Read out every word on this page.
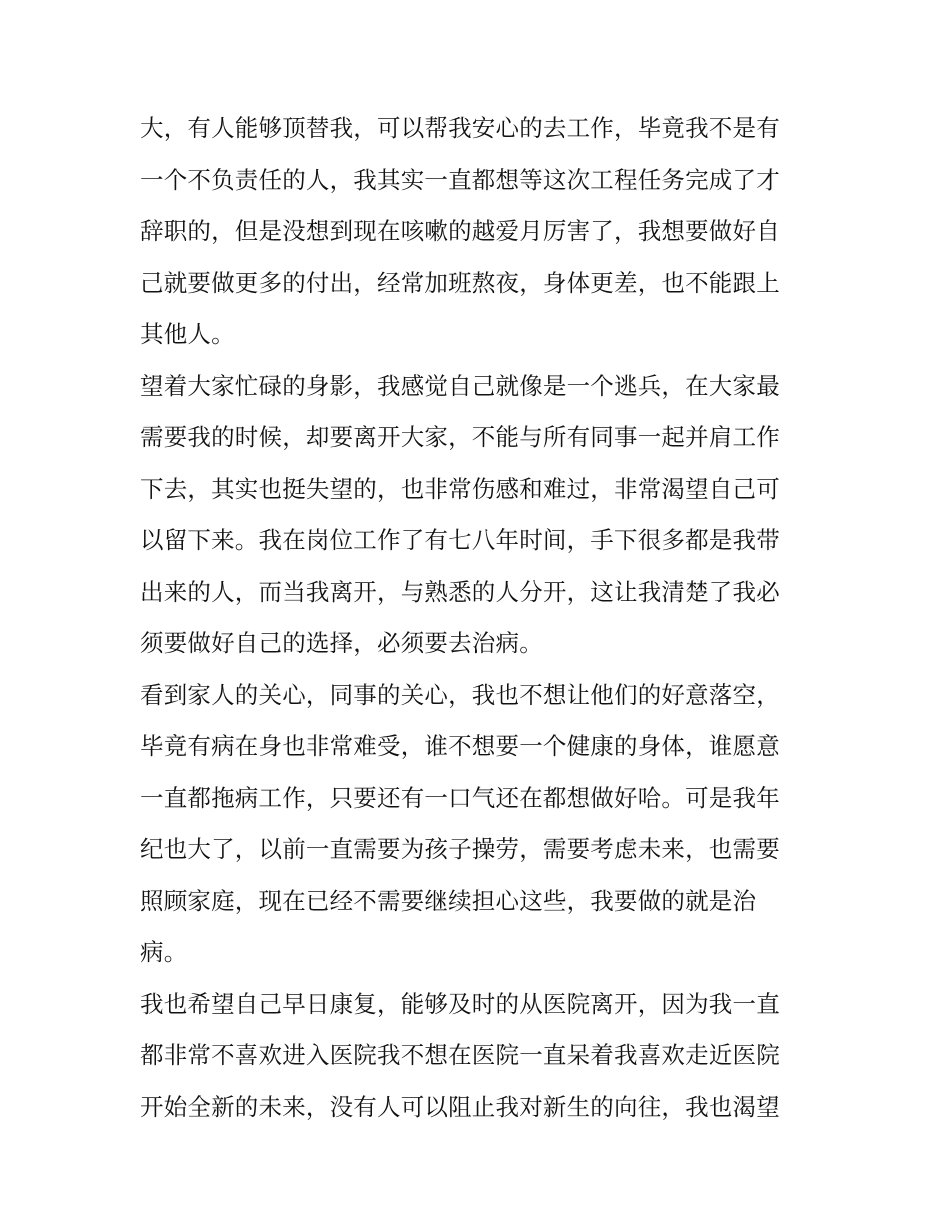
大，有人能够顶替我，可以帮我安心的去工作，毕竟我不是有
一个不负责任的人，我其实一直都想等这次工程任务完成了才
辞职的，但是没想到现在咳嗽的越爱月厉害了，我想要做好自
己就要做更多的付出，经常加班熬夜，身体更差，也不能跟上
其他人。
望着大家忙碌的身影，我感觉自己就像是一个逃兵，在大家最
需要我的时候，却要离开大家，不能与所有同事一起并肩工作
下去，其实也挺失望的，也非常伤感和难过，非常渴望自己可
以留下来。我在岗位工作了有七八年时间，手下很多都是我带
出来的人，而当我离开，与熟悉的人分开，这让我清楚了我必
须要做好自己的选择，必须要去治病。
看到家人的关心，同事的关心，我也不想让他们的好意落空，
毕竟有病在身也非常难受，谁不想要一个健康的身体，谁愿意
一直都拖病工作，只要还有一口气还在都想做好哈。可是我年
纪也大了，以前一直需要为孩子操劳，需要考虑未来，也需要
照顾家庭，现在已经不需要继续担心这些，我要做的就是治
病。
我也希望自己早日康复，能够及时的从医院离开，因为我一直
都非常不喜欢进入医院我不想在医院一直呆着我喜欢走近医院
开始全新的未来，没有人可以阻止我对新生的向往，我也渴望
